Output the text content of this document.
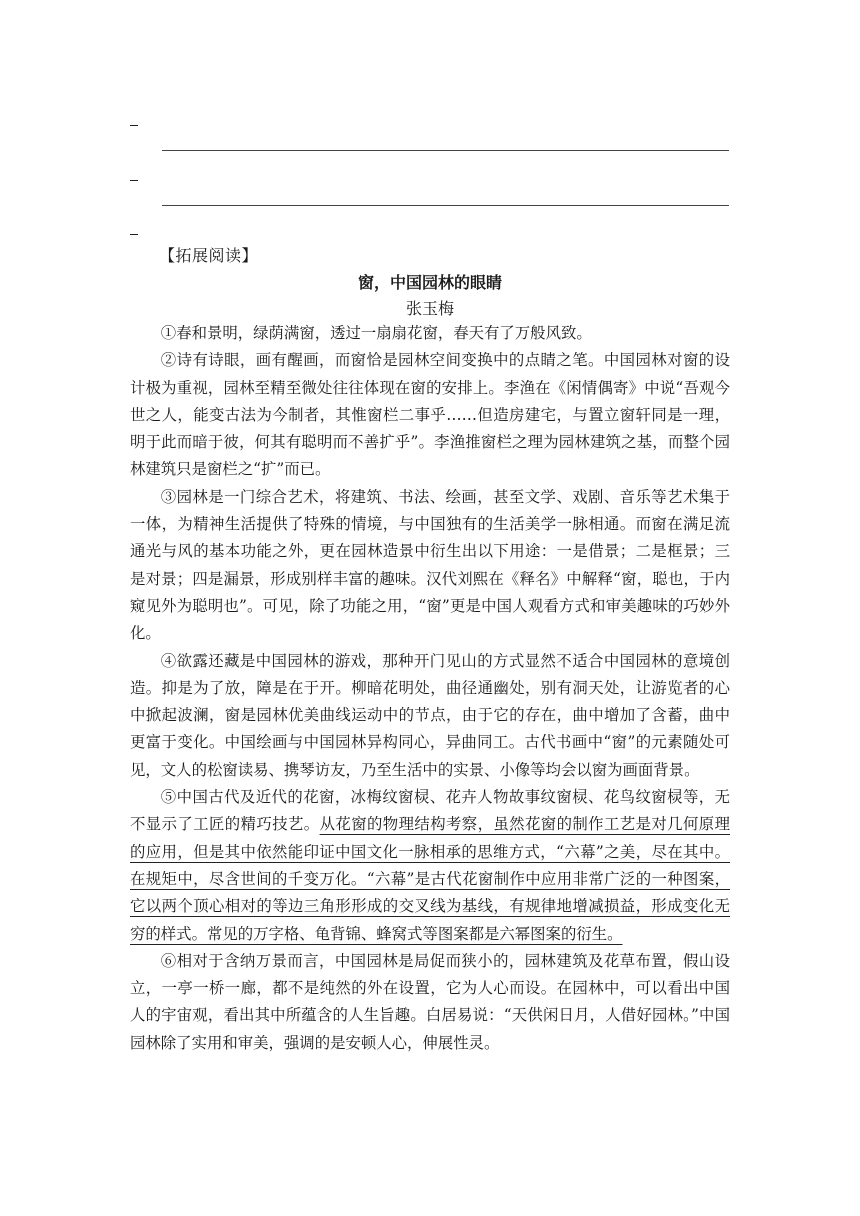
【拓展阅读】
窗，中国园林的眼睛
张玉梅

①春和景明，绿荫满窗，透过一扇扇花窗，春天有了万般风致。

②诗有诗眼，画有醒画，而窗恰是园林空间变换中的点睛之笔。中国园林对窗的设计极为重视，园林至精至微处往往体现在窗的安排上。李渔在《闲情偶寄》中说“吾观今世之人，能变古法为今制者，其惟窗栏二事乎……但造房建宅，与置立窗轩同是一理，明于此而暗于彼，何其有聪明而不善扩乎”。李渔推窗栏之理为园林建筑之基，而整个园林建筑只是窗栏之“扩”而已。

③园林是一门综合艺术，将建筑、书法、绘画，甚至文学、戏剧、音乐等艺术集于一体，为精神生活提供了特殊的情境，与中国独有的生活美学一脉相通。而窗在满足流通光与风的基本功能之外，更在园林造景中衍生出以下用途：一是借景；二是框景；三是对景；四是漏景，形成别样丰富的趣味。汉代刘熙在《释名》中解释“窗，聪也，于内窥见外为聪明也”。可见，除了功能之用，“窗”更是中国人观看方式和审美趣味的巧妙外化。

④欲露还藏是中国园林的游戏，那种开门见山的方式显然不适合中国园林的意境创造。抑是为了放，障是在于开。柳暗花明处，曲径通幽处，别有洞天处，让游览者的心中掀起波澜，窗是园林优美曲线运动中的节点，由于它的存在，曲中增加了含蓄，曲中更富于变化。中国绘画与中国园林异构同心，异曲同工。古代书画中“窗”的元素随处可见，文人的松窗读易、携琴访友，乃至生活中的实景、小像等均会以窗为画面背景。

⑤中国古代及近代的花窗，冰梅纹窗棂、花卉人物故事纹窗棂、花鸟纹窗棂等，无不显示了工匠的精巧技艺。从花窗的物理结构考察，虽然花窗的制作工艺是对几何原理的应用，但是其中依然能印证中国文化一脉相承的思维方式，“六幕”之美，尽在其中。在规矩中，尽含世间的千变万化。“六幕”是古代花窗制作中应用非常广泛的一种图案，它以两个顶心相对的等边三角形形成的交叉线为基线，有规律地增减损益，形成变化无穷的样式。常见的万字格、龟背锦、蜂窝式等图案都是六幂图案的衍生。

⑥相对于含纳万景而言，中国园林是局促而狭小的，园林建筑及花草布置，假山设立，一亭一桥一廊，都不是纯然的外在设置，它为人心而设。在园林中，可以看出中国人的宇宙观，看出其中所蕴含的人生旨趣。白居易说：“天供闲日月，人借好园林。”中国园林除了实用和审美，强调的是安顿人心，伸展性灵。
